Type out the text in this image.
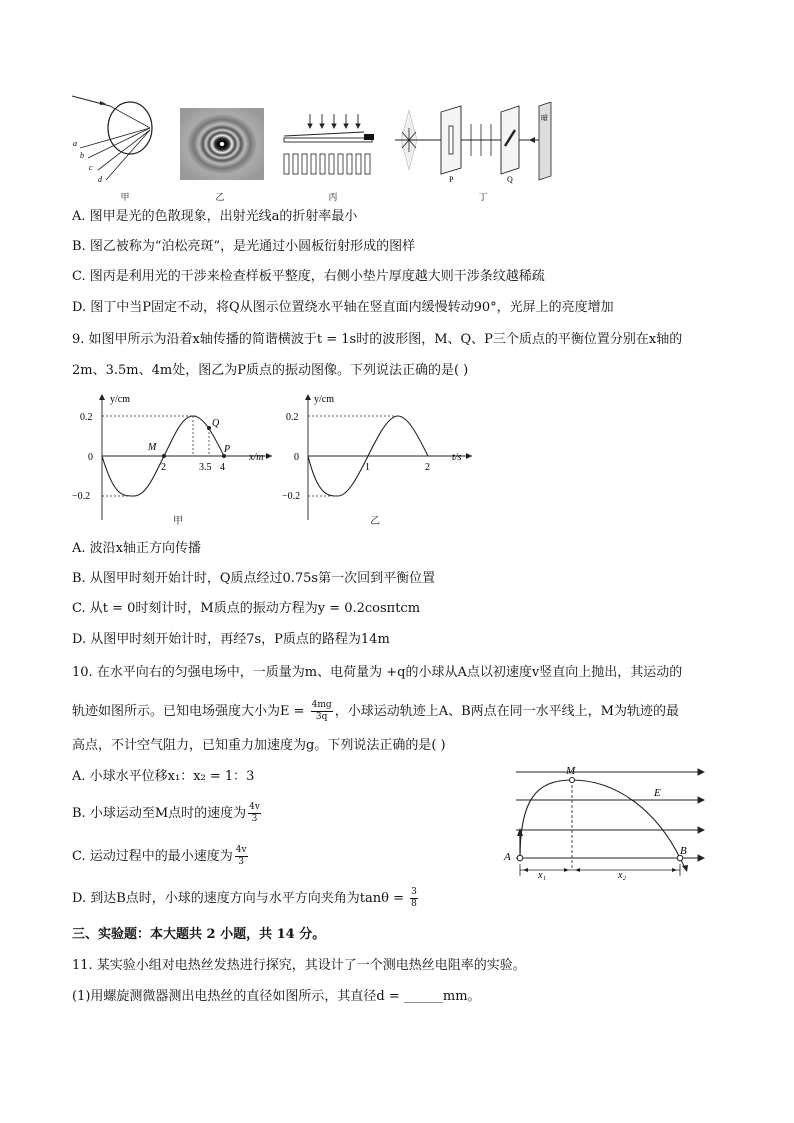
a
b
c
d
甲	乙	丙
暗
P	Q
丁
A. 图甲是光的色散现象，出射光线a的折射率最小
B. 图乙被称为“泊松亮斑”，是光通过小圆板衍射形成的图样
C. 图丙是利用光的干涉来检查样板平整度，右侧小垫片厚度越大则干涉条纹越稀疏
D. 图丁中当P固定不动，将Q从图示位置绕水平轴在竖直面内缓慢转动90°，光屏上的亮度增加
9. 如图甲所示为沿着x轴传播的简谐横波于t = 1s时的波形图，M、Q、P三个质点的平衡位置分别在x轴的
2m、3.5m、4m处，图乙为P质点的振动图像。下列说法正确的是( )
y/cm
x/m
0.2
0
−0.2
M
Q
P
2	3.5 4
甲
y/cm
t/s
0.2
0
−0.2
1	2
乙
A. 波沿x轴正方向传播
B. 从图甲时刻开始计时，Q质点经过0.75s第一次回到平衡位置
C. 从t = 0时刻计时，M质点的振动方程为y = 0.2cosπtcm
D. 从图甲时刻开始计时，再经7s，P质点的路程为14m
10. 在水平向右的匀强电场中，一质量为m、电荷量为 +q的小球从A点以初速度v竖直向上抛出，其运动的
轨迹如图所示。已知电场强度大小为$E = \frac{4mg}{3q}$ ，小球运动轨迹上A、B两点在同一水平线上，M为轨迹的最
高点，不计空气阻力，已知重力加速度为g。下列说法正确的是( )
A. 小球水平位移x₁：x₂ = 1：3
B. 小球运动至M点时的速度为 $\frac{4v}{3}$
C. 运动过程中的最小速度为 $\frac{4v}{3}$
D. 到达B点时，小球的速度方向与水平方向夹角为$\tan\theta = \frac{3}{8}$
M
E
A	B
x₁	x₂
三、实验题：本大题共 2 小题，共 14 分。
11. 某实验小组对电热丝发热进行探究，其设计了一个测电热丝电阻率的实验。
(1)用螺旋测微器测出电热丝的直径如图所示，其直径d = ______mm。
